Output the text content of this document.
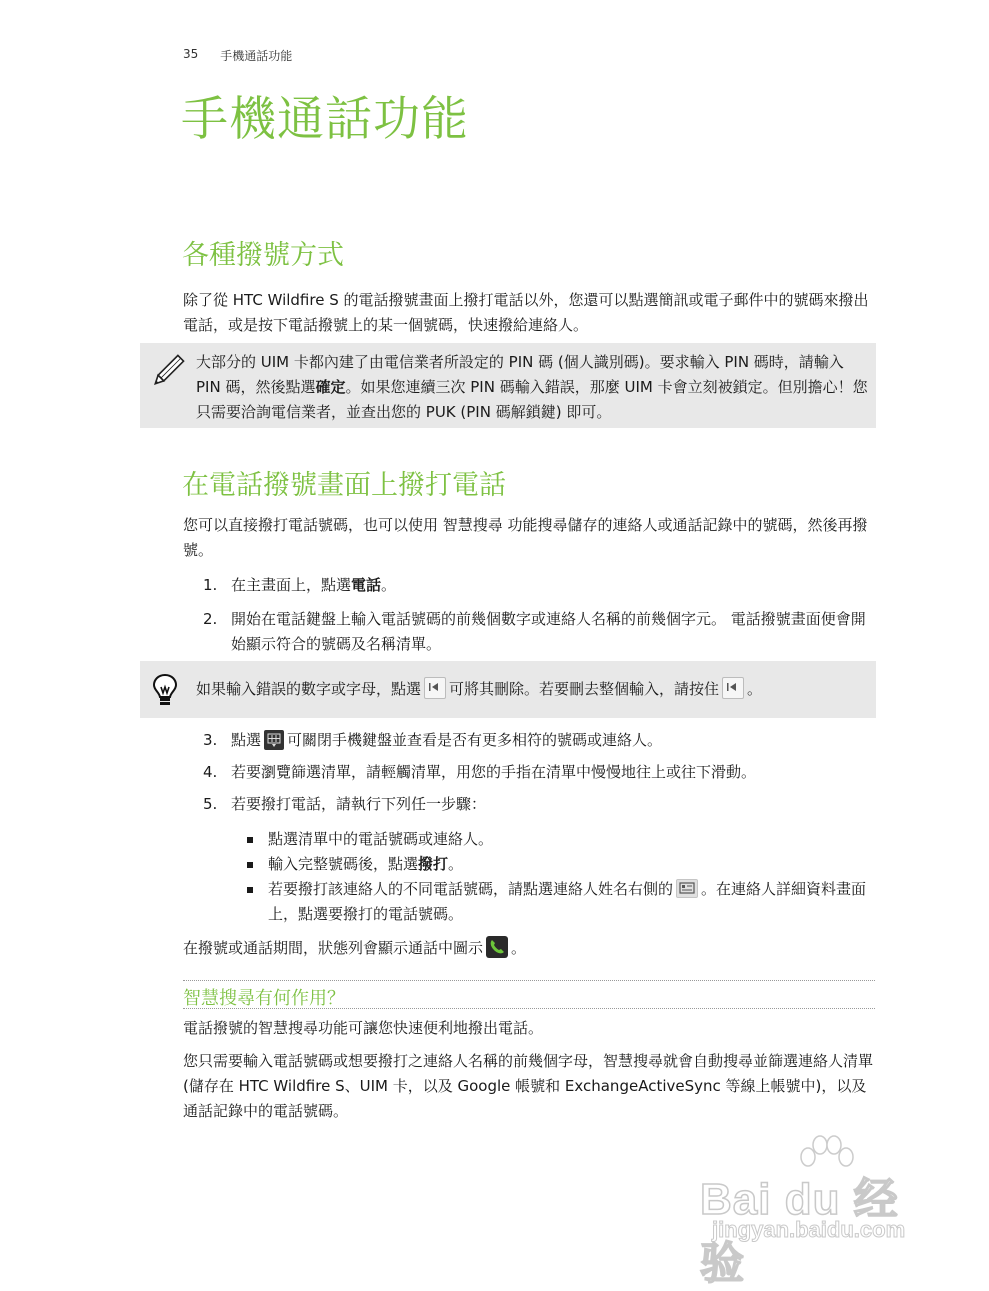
35 手機通話功能
手機通話功能
各種撥號方式

除了從 HTC Wildfire S 的電話撥號畫面上撥打電話以外，您還可以點選簡訊或電子郵件中的號碼來撥出電話，或是按下電話撥號上的某一個號碼，快速撥給連絡人。

大部分的 UIM 卡都內建了由電信業者所設定的 PIN 碼 (個人識別碼)。要求輸入 PIN 碼時，請輸入 PIN 碼，然後點選確定。如果您連續三次 PIN 碼輸入錯誤，那麼 UIM 卡會立刻被鎖定。但別擔心！您只需要洽詢電信業者，並查出您的 PUK (PIN 碼解鎖鍵) 即可。
在電話撥號畫面上撥打電話

您可以直接撥打電話號碼，也可以使用 智慧搜尋 功能搜尋儲存的連絡人或通話記錄中的號碼，然後再撥號。

1. 在主畫面上，點選電話。
2. 開始在電話鍵盤上輸入電話號碼的前幾個數字或連絡人名稱的前幾個字元。 電話撥號畫面便會開始顯示符合的號碼及名稱清單。
如果輸入錯誤的數字或字母，點選 可將其刪除。若要刪去整個輸入，請按住 。
3. 點選 可關閉手機鍵盤並查看是否有更多相符的號碼或連絡人。
4. 若要瀏覽篩選清單，請輕觸清單，用您的手指在清單中慢慢地往上或往下滑動。
5. 若要撥打電話，請執行下列任一步驟：
點選清單中的電話號碼或連絡人。
輸入完整號碼後，點選撥打。
若要撥打該連絡人的不同電話號碼，請點選連絡人姓名右側的 。在連絡人詳細資料畫面上，點選要撥打的電話號碼。

在撥號或通話期間，狀態列會顯示通話中圖示 。

智慧搜尋有何作用？

電話撥號的智慧搜尋功能可讓您快速便利地撥出電話。

您只需要輸入電話號碼或想要撥打之連絡人名稱的前幾個字母，智慧搜尋就會自動搜尋並篩選連絡人清單 (儲存在 HTC Wildfire S、UIM 卡，以及 Google 帳號和 ExchangeActiveSync 等線上帳號中)，以及通話記錄中的電話號碼。

Bai du 经验
jingyan.baidu.com
